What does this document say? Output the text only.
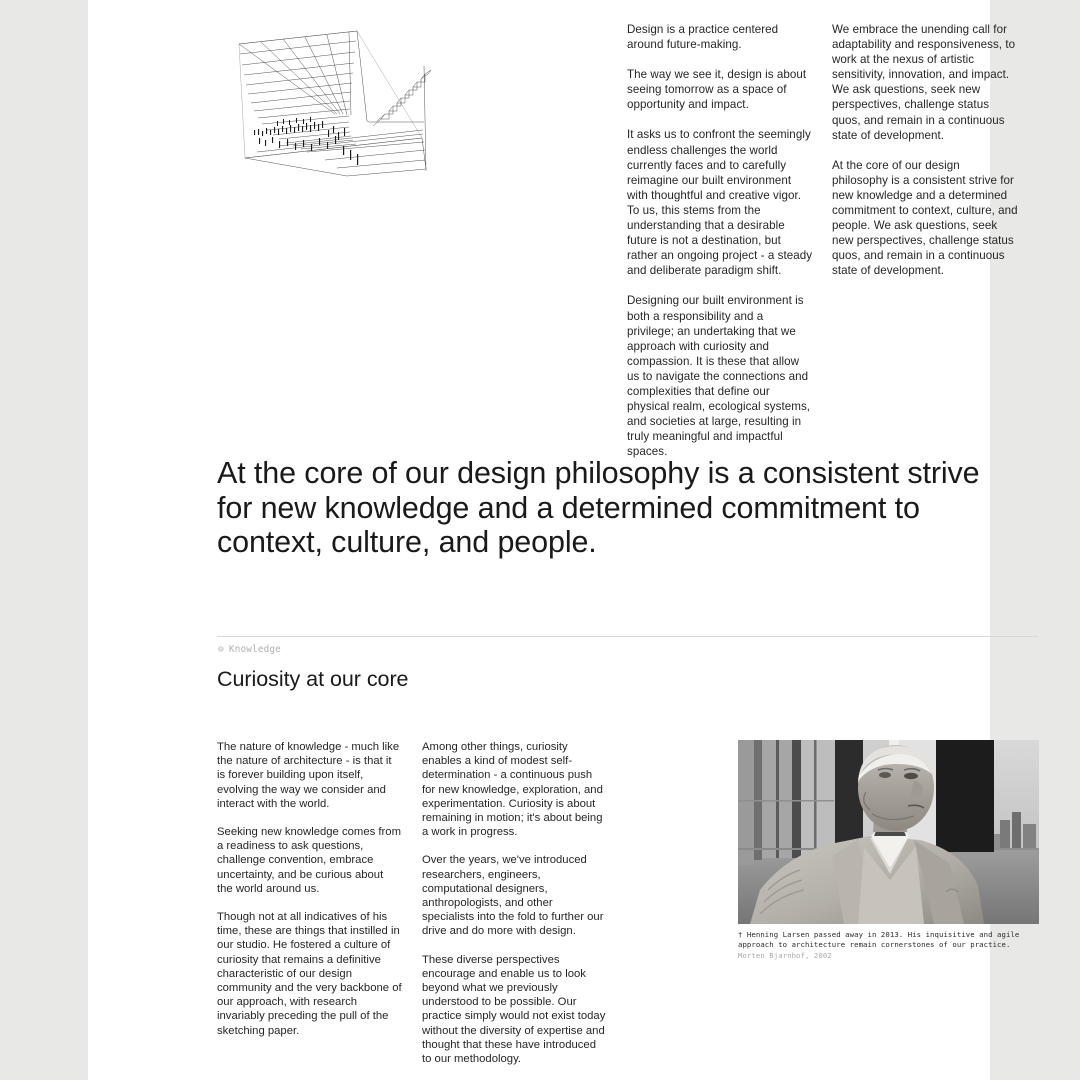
Design is a practice centered around future-making.

The way we see it, design is about seeing tomorrow as a space of opportunity and impact.

It asks us to confront the seemingly endless challenges the world currently faces and to carefully reimagine our built environment with thoughtful and creative vigor. To us, this stems from the understanding that a desirable future is not a destination, but rather an ongoing project - a steady and deliberate paradigm shift.

Designing our built environment is both a responsibility and a privilege; an undertaking that we approach with curiosity and compassion. It is these that allow us to navigate the connections and complexities that define our physical realm, ecological systems, and societies at large, resulting in truly meaningful and impactful spaces.

We embrace the unending call for adaptability and responsiveness, to work at the nexus of artistic sensitivity, innovation, and impact. We ask questions, seek new perspectives, challenge status quos, and remain in a continuous state of development.

At the core of our design philosophy is a consistent strive for new knowledge and a determined commitment to context, culture, and people. We ask questions, seek new perspectives, challenge status quos, and remain in a continuous state of development.

At the core of our design philosophy is a consistent strive for new knowledge and a determined commitment to context, culture, and people.
⊖ Knowledge
Curiosity at our core

The nature of knowledge - much like the nature of architecture - is that it is forever building upon itself, evolving the way we consider and interact with the world.

Seeking new knowledge comes from a readiness to ask questions, challenge convention, embrace uncertainty, and be curious about the world around us.

Though not at all indicatives of his time, these are things that instilled in our studio. He fostered a culture of curiosity that remains a definitive characteristic of our design community and the very backbone of our approach, with research invariably preceding the pull of the sketching paper.

Among other things, curiosity enables a kind of modest self-determination - a continuous push for new knowledge, exploration, and experimentation. Curiosity is about remaining in motion; it's about being a work in progress.

Over the years, we've introduced researchers, engineers, computational designers, anthropologists, and other specialists into the fold to further our drive and do more with design.

These diverse perspectives encourage and enable us to look beyond what we previously understood to be possible. Our practice simply would not exist today without the diversity of expertise and thought that these have introduced to our methodology.

† Henning Larsen passed away in 2013. His inquisitive and agile
approach to architecture remain cornerstones of our practice.
Morten Bjarnhof, 2002
